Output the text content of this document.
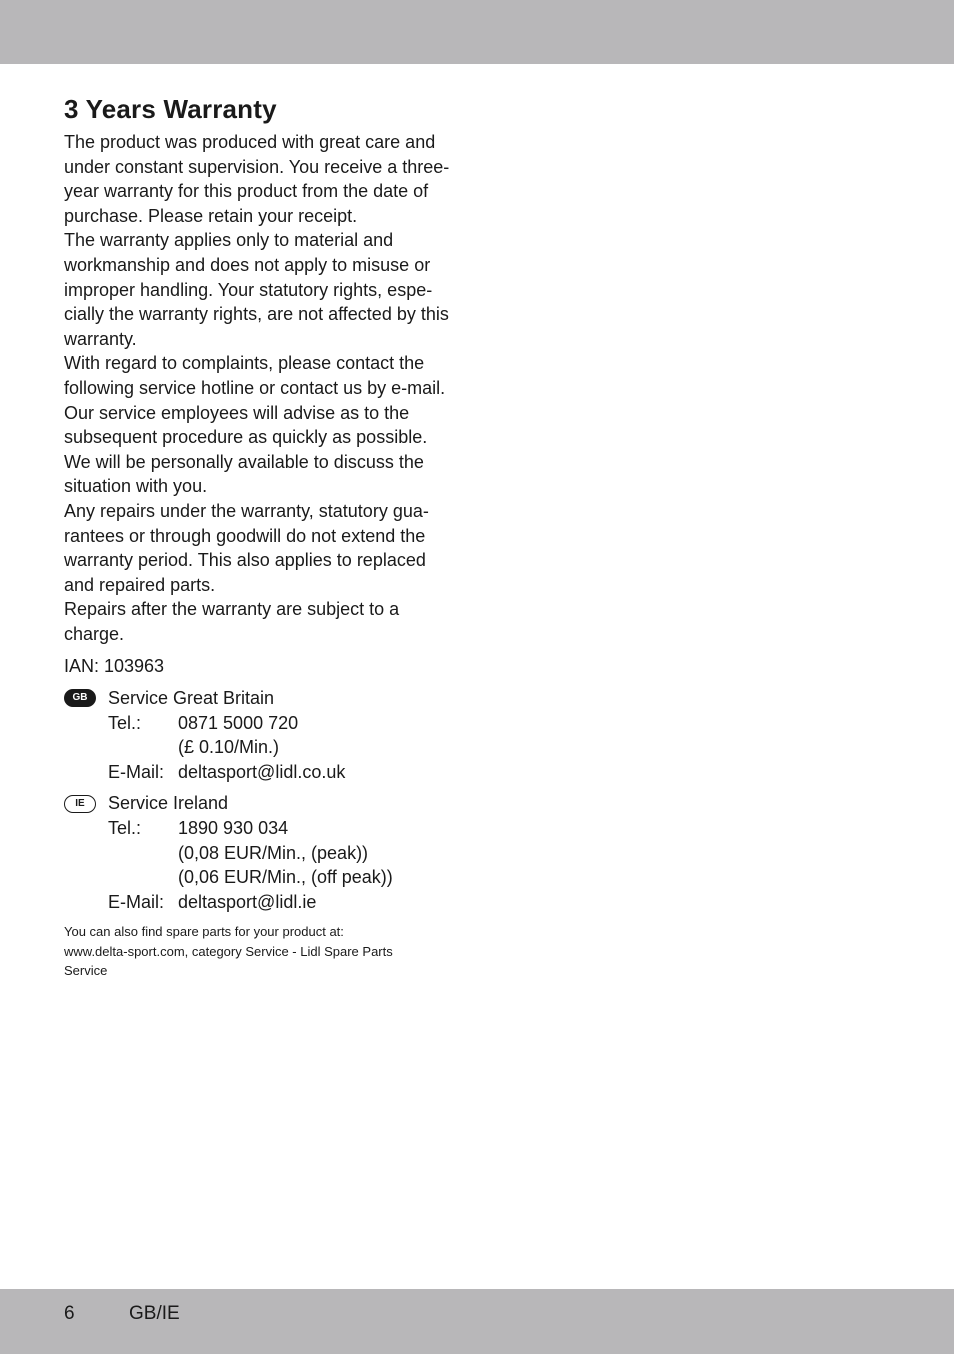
3 Years Warranty
The product was produced with great care and
under constant supervision. You receive a three-
year warranty for this product from the date of
purchase. Please retain your receipt.
The warranty applies only to material and
workmanship and does not apply to misuse or
improper handling. Your statutory rights, espe-
cially the warranty rights, are not affected by this
warranty.
With regard to complaints, please contact the
following service hotline or contact us by e-mail.
Our service employees will advise as to the
subsequent procedure as quickly as possible.
We will be personally available to discuss the
situation with you.
Any repairs under the warranty, statutory gua-
rantees or through goodwill do not extend the
warranty period. This also applies to replaced
and repaired parts.
Repairs after the warranty are subject to a
charge.
IAN: 103963
GB	Service Great Britain
Tel.:	0871 5000 720
(£ 0.10/Min.)
E-Mail: deltasport@lidl.co.uk
IE	Service Ireland
Tel.:	1890 930 034
(0,08 EUR/Min., (peak))
(0,06 EUR/Min., (off peak))
E-Mail: deltasport@lidl.ie
You can also find spare parts for your product at:
www.delta-sport.com, category Service - Lidl Spare Parts
Service
6	GB/IE
